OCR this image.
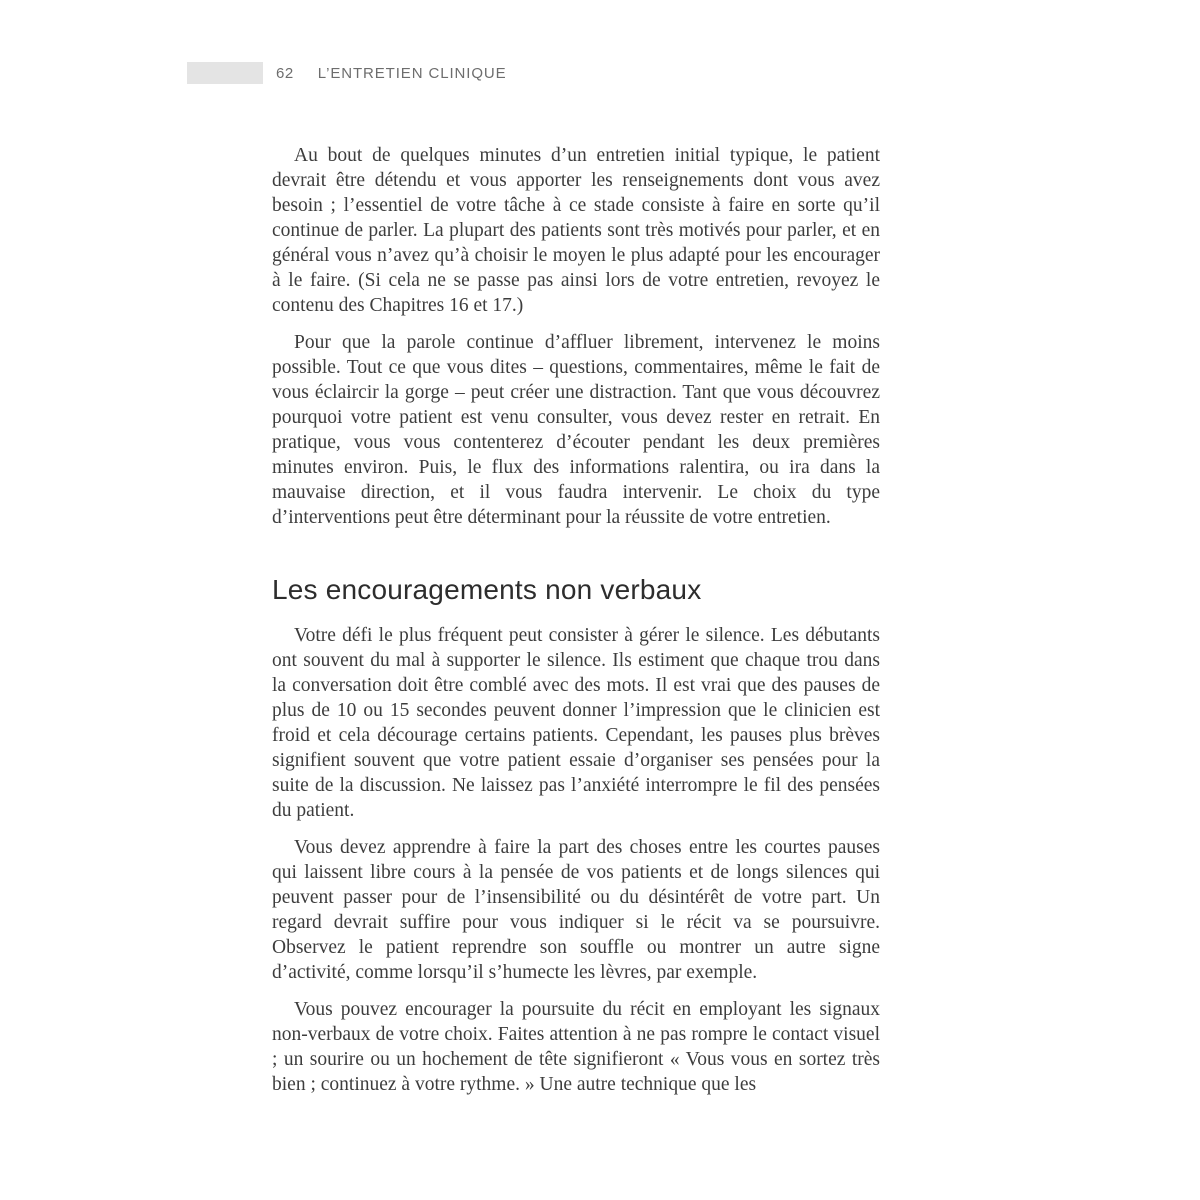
62 L’ENTRETIEN CLINIQUE

Au bout de quelques minutes d’un entretien initial typique, le patient devrait être détendu et vous apporter les renseignements dont vous avez besoin ; l’essentiel de votre tâche à ce stade consiste à faire en sorte qu’il continue de parler. La plupart des patients sont très motivés pour parler, et en général vous n’avez qu’à choisir le moyen le plus adapté pour les encourager à le faire. (Si cela ne se passe pas ainsi lors de votre entretien, revoyez le contenu des Chapitres 16 et 17.)

Pour que la parole continue d’affluer librement, intervenez le moins possible. Tout ce que vous dites – questions, commentaires, même le fait de vous éclaircir la gorge – peut créer une distraction. Tant que vous découvrez pourquoi votre patient est venu consulter, vous devez rester en retrait. En pratique, vous vous contenterez d’écouter pendant les deux premières minutes environ. Puis, le flux des informations ralentira, ou ira dans la mauvaise direction, et il vous faudra intervenir. Le choix du type d’interventions peut être déterminant pour la réussite de votre entretien.

Les encouragements non verbaux

Votre défi le plus fréquent peut consister à gérer le silence. Les débutants ont souvent du mal à supporter le silence. Ils estiment que chaque trou dans la conversation doit être comblé avec des mots. Il est vrai que des pauses de plus de 10 ou 15 secondes peuvent donner l’impression que le clinicien est froid et cela décourage certains patients. Cependant, les pauses plus brèves signifient souvent que votre patient essaie d’organiser ses pensées pour la suite de la discussion. Ne laissez pas l’anxiété interrompre le fil des pensées du patient.

Vous devez apprendre à faire la part des choses entre les courtes pauses qui laissent libre cours à la pensée de vos patients et de longs silences qui peuvent passer pour de l’insensibilité ou du désintérêt de votre part. Un regard devrait suffire pour vous indiquer si le récit va se poursuivre. Observez le patient reprendre son souffle ou montrer un autre signe d’activité, comme lorsqu’il s’humecte les lèvres, par exemple.

Vous pouvez encourager la poursuite du récit en employant les signaux non-verbaux de votre choix. Faites attention à ne pas rompre le contact visuel ; un sourire ou un hochement de tête signifieront « Vous vous en sortez très bien ; continuez à votre rythme. » Une autre technique que les
